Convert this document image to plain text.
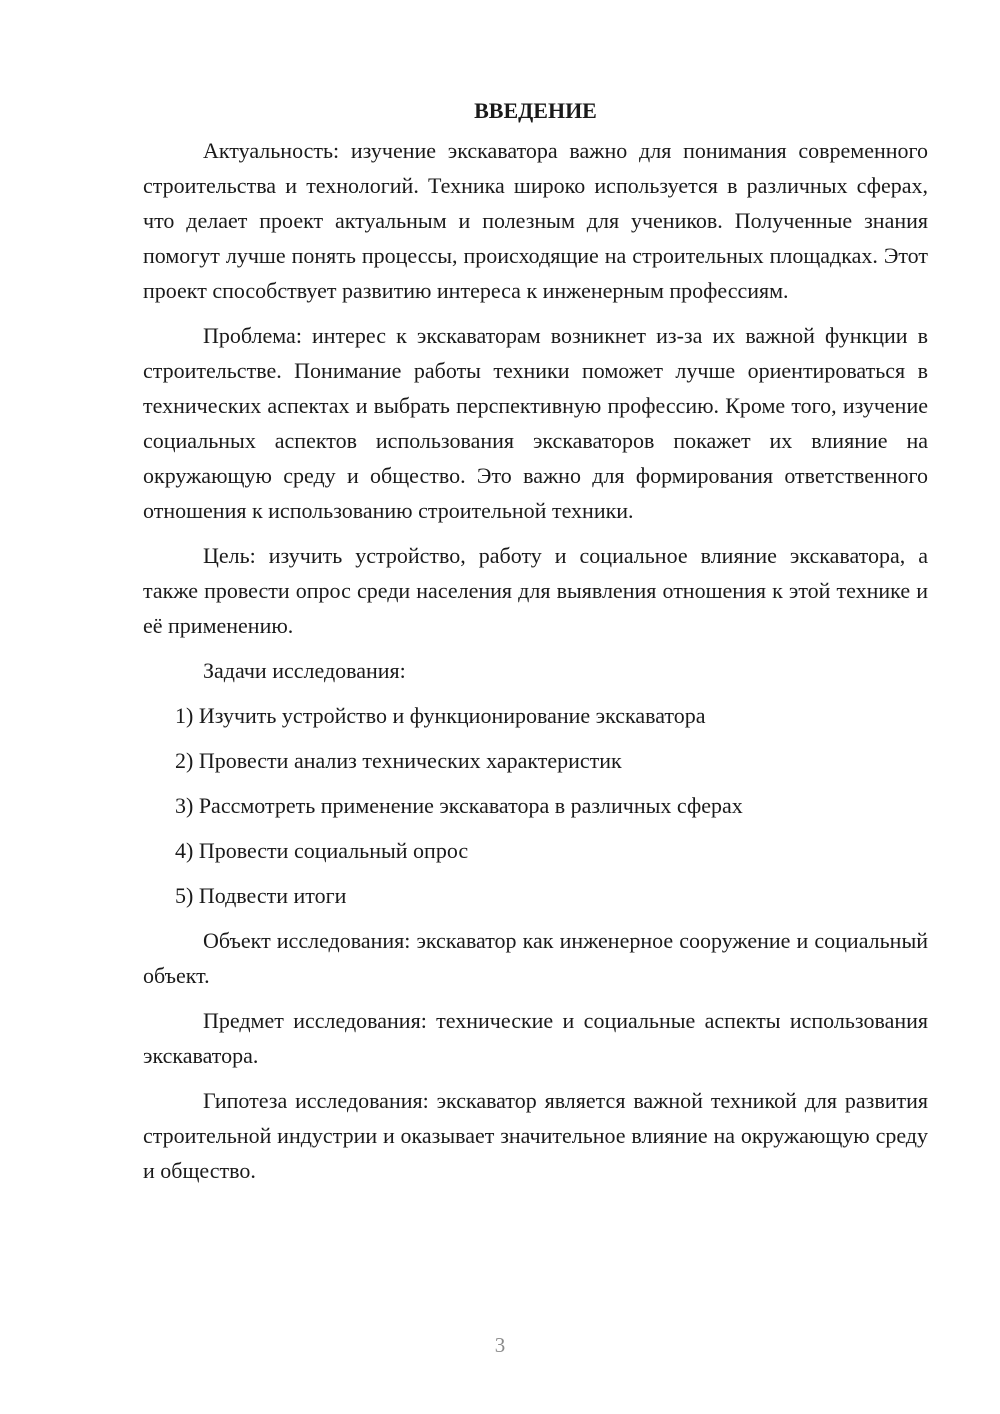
ВВЕДЕНИЕ

Актуальность: изучение экскаватора важно для понимания современного строительства и технологий. Техника широко используется в различных сферах, что делает проект актуальным и полезным для учеников. Полученные знания помогут лучше понять процессы, происходящие на строительных площадках. Этот проект способствует развитию интереса к инженерным профессиям.

Проблема: интерес к экскаваторам возникнет из-за их важной функции в строительстве. Понимание работы техники поможет лучше ориентироваться в технических аспектах и выбрать перспективную профессию. Кроме того, изучение социальных аспектов использования экскаваторов покажет их влияние на окружающую среду и общество. Это важно для формирования ответственного отношения к использованию строительной техники.

Цель: изучить устройство, работу и социальное влияние экскаватора, а также провести опрос среди населения для выявления отношения к этой технике и её применению.

Задачи исследования:
1) Изучить устройство и функционирование экскаватора
2) Провести анализ технических характеристик
3) Рассмотреть применение экскаватора в различных сферах
4) Провести социальный опрос
5) Подвести итоги

Объект исследования: экскаватор как инженерное сооружение и социальный объект.

Предмет исследования: технические и социальные аспекты использования экскаватора.

Гипотеза исследования: экскаватор является важной техникой для развития строительной индустрии и оказывает значительное влияние на окружающую среду и общество.

3
